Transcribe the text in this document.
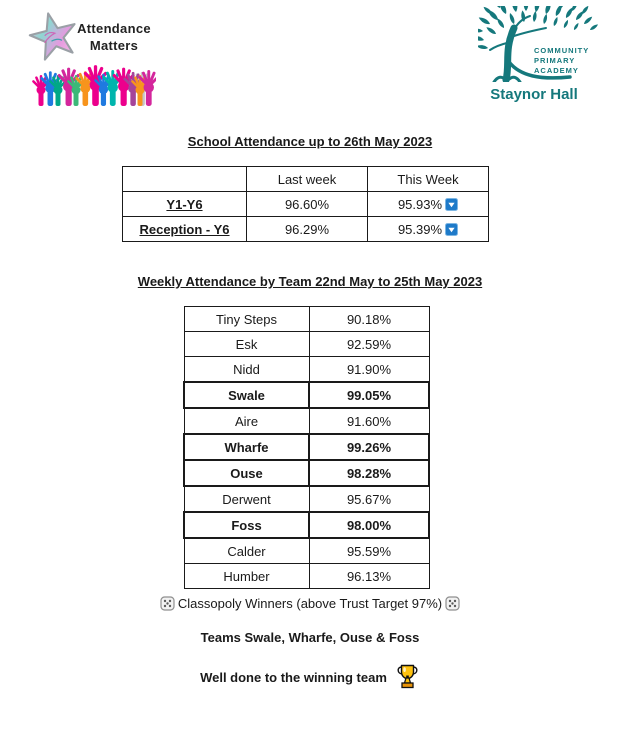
Attendance
Matters	COMMUNITY
PRIMARY
ACADEMY
Staynor Hall
School Attendance up to 26th May 2023
	Last week	This Week
Y1-Y6	96.60%	95.93%
Reception - Y6	96.29%	95.39%
Weekly Attendance by Team 22nd May to 25th May 2023
Tiny Steps	90.18%
Esk	92.59%
Nidd	91.90%
Swale	99.05%
Aire	91.60%
Wharfe	99.26%
Ouse	98.28%
Derwent	95.67%
Foss	98.00%
Calder	95.59%
Humber	96.13%
Classopoly Winners (above Trust Target 97%)
Teams Swale, Wharfe, Ouse & Foss
Well done to the winning team
